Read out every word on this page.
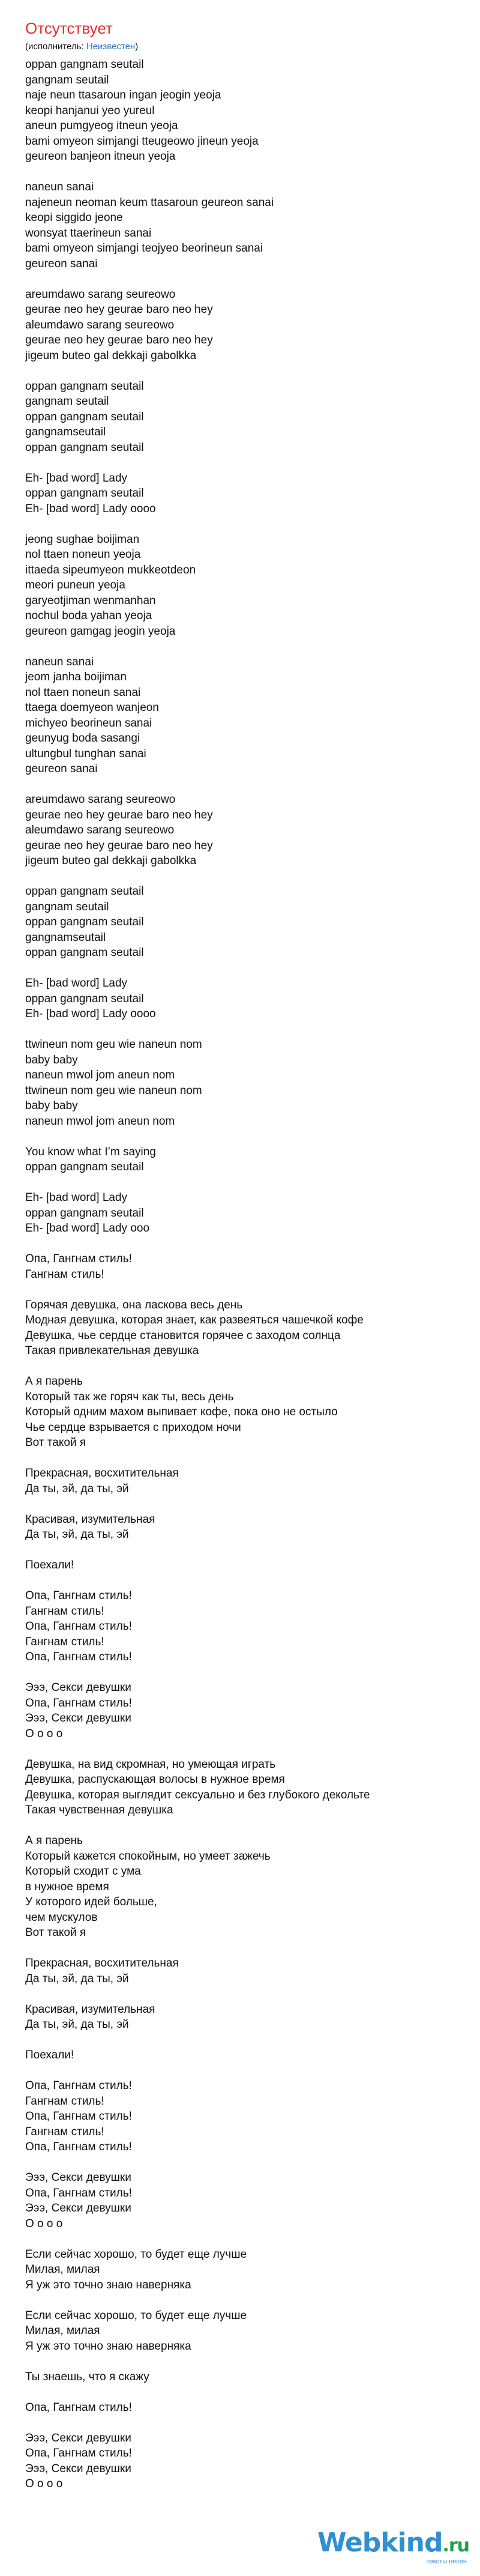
Отсутствует
(исполнитель: Неизвестен)
oppan gangnam seutail
gangnam seutail
naje neun ttasaroun ingan jeogin yeoja
keopi hanjanui yeo yureul
aneun pumgyeog itneun yeoja
bami omyeon simjangi tteugeowo jineun yeoja
geureon banjeon itneun yeoja
naneun sanai
najeneun neoman keum ttasaroun geureon sanai
keopi siggido jeone
wonsyat ttaerineun sanai
bami omyeon simjangi teojyeo beorineun sanai
geureon sanai
areumdawo sarang seureowo
geurae neo hey geurae baro neo hey
aleumdawo sarang seureowo
geurae neo hey geurae baro neo hey
jigeum buteo gal dekkaji gabolkka
oppan gangnam seutail
gangnam seutail
oppan gangnam seutail
gangnamseutail
oppan gangnam seutail
Eh- [bad word] Lady
oppan gangnam seutail
Eh- [bad word] Lady oooo
jeong sughae boijiman
nol ttaen noneun yeoja
ittaeda sipeumyeon mukkeotdeon
meori puneun yeoja
garyeotjiman wenmanhan
nochul boda yahan yeoja
geureon gamgag jeogin yeoja
naneun sanai
jeom janha boijiman
nol ttaen noneun sanai
ttaega doemyeon wanjeon
michyeo beorineun sanai
geunyug boda sasangi
ultungbul tunghan sanai
geureon sanai
areumdawo sarang seureowo
geurae neo hey geurae baro neo hey
aleumdawo sarang seureowo
geurae neo hey geurae baro neo hey
jigeum buteo gal dekkaji gabolkka
oppan gangnam seutail
gangnam seutail
oppan gangnam seutail
gangnamseutail
oppan gangnam seutail
Eh- [bad word] Lady
oppan gangnam seutail
Eh- [bad word] Lady oooo
ttwineun nom geu wie naneun nom
baby baby
naneun mwol jom aneun nom
ttwineun nom geu wie naneun nom
baby baby
naneun mwol jom aneun nom
You know what I’m saying
oppan gangnam seutail
Eh- [bad word] Lady
oppan gangnam seutail
Eh- [bad word] Lady ooo
Опа, Гангнам стиль!
Гангнам стиль!
Горячая девушка, она ласкова весь день
Модная девушка, которая знает, как развеяться чашечкой кофе
Девушка, чье сердце становится горячее с заходом солнца
Такая привлекательная девушка
А я парень
Который так же горяч как ты, весь день
Который одним махом выпивает кофе, пока оно не остыло
Чье сердце взрывается с приходом ночи
Вот такой я
Прекрасная, восхитительная
Да ты, эй, да ты, эй
Красивая, изумительная
Да ты, эй, да ты, эй
Поехали!
Опа, Гангнам стиль!
Гангнам стиль!
Опа, Гангнам стиль!
Гангнам стиль!
Опа, Гангнам стиль!
Эээ, Секси девушки
Опа, Гангнам стиль!
Эээ, Секси девушки
О о о о
Девушка, на вид скромная, но умеющая играть
Девушка, распускающая волосы в нужное время
Девушка, которая выглядит сексуально и без глубокого декольте
Такая чувственная девушка
А я парень
Который кажется спокойным, но умеет зажечь
Который сходит с ума
в нужное время
У которого идей больше,
чем мускулов
Вот такой я
Прекрасная, восхитительная
Да ты, эй, да ты, эй
Красивая, изумительная
Да ты, эй, да ты, эй
Поехали!
Опа, Гангнам стиль!
Гангнам стиль!
Опа, Гангнам стиль!
Гангнам стиль!
Опа, Гангнам стиль!
Эээ, Секси девушки
Опа, Гангнам стиль!
Эээ, Секси девушки
О о о о
Если сейчас хорошо, то будет еще лучше
Милая, милая
Я уж это точно знаю наверняка
Если сейчас хорошо, то будет еще лучше
Милая, милая
Я уж это точно знаю наверняка
Ты знаешь, что я скажу
Опа, Гангнам стиль!
Эээ, Секси девушки
Опа, Гангнам стиль!
Эээ, Секси девушки
О о о о
Webkind.ru
тексты песен
